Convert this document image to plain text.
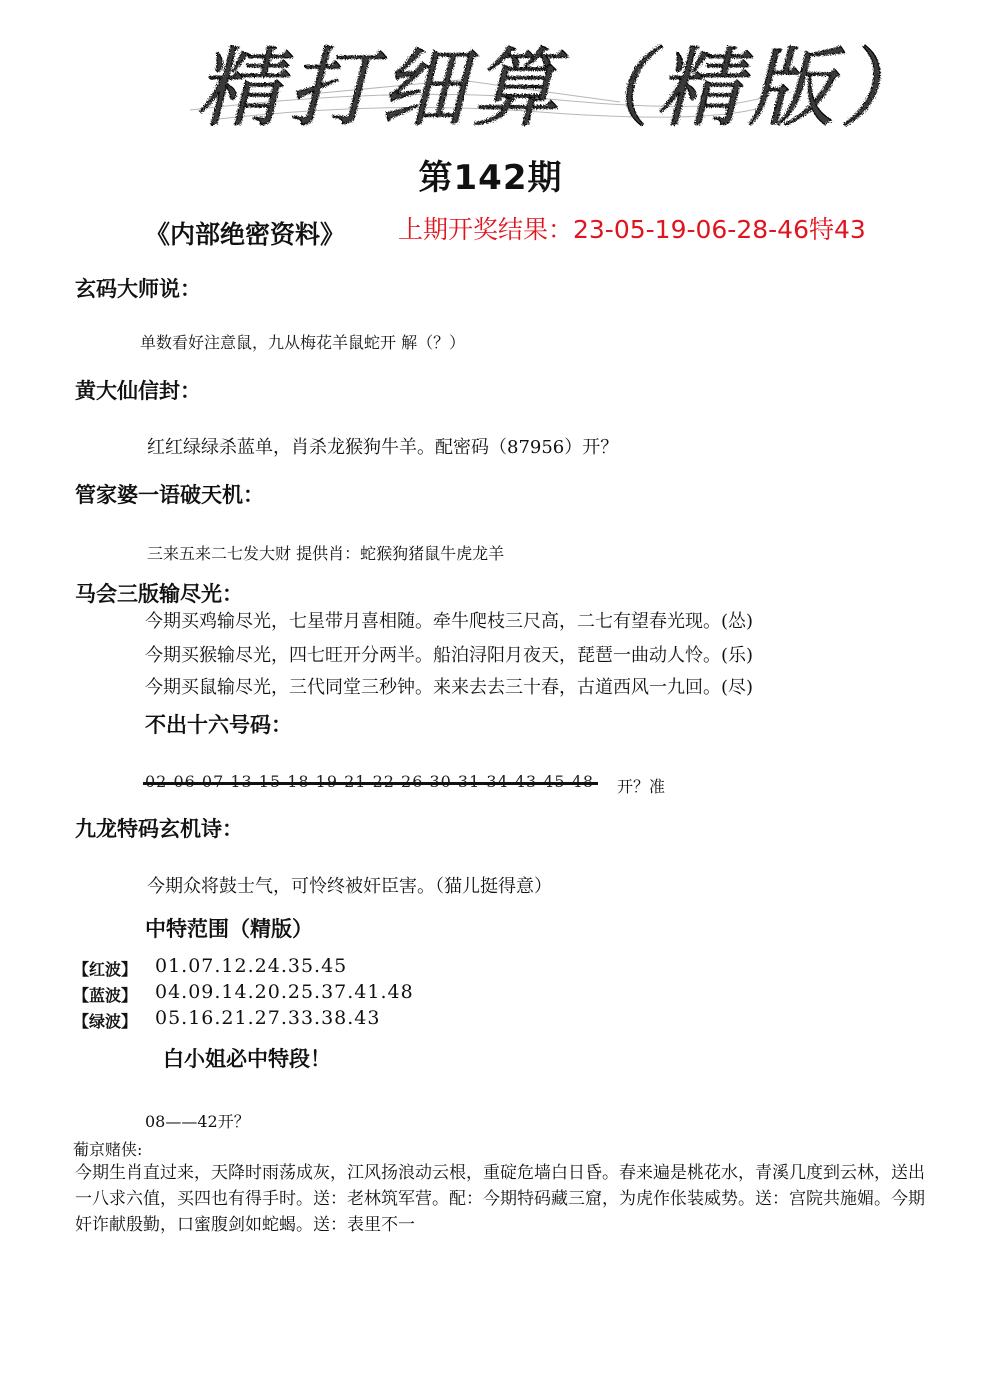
精打细算（精版）
第142期
《内部绝密资料》 上期开奖结果：23-05-19-06-28-46特43
玄码大师说：
单数看好注意鼠，九从梅花羊鼠蛇开 解（？）
黄大仙信封：
红红绿绿杀蓝单，肖杀龙猴狗牛羊。配密码（87956）开？
管家婆一语破天机：
三来五来二七发大财 提供肖：蛇猴狗猪鼠牛虎龙羊
马会三版输尽光：
今期买鸡输尽光，七星带月喜相随。牵牛爬枝三尺高，二七有望春光现。(怂)
今期买猴输尽光，四七旺开分两半。船泊浔阳月夜天，琵琶一曲动人怜。(乐)
今期买鼠输尽光，三代同堂三秒钟。来来去去三十春，古道西风一九回。(尽)
不出十六号码：
开？准
九龙特码玄机诗：
今期众将鼓士气，可怜终被奸臣害。（猫儿挺得意）
中特范围（精版）
【红波】 01.07.12.24.35.45
【蓝波】 04.09.14.20.25.37.41.48
【绿波】 05.16.21.27.33.38.43
白小姐必中特段！
08——42开？
葡京赌侠:
今期生肖直过来，天降时雨荡成灰，江风扬浪动云根，重碇危墙白日昏。春来遍是桃花水，青溪几度到云林，送出一八求六值，买四也有得手时。送：老林筑军营。配：今期特码藏三窟，为虎作伥装威势。送：宫院共施媚。今期奸诈献殷勤，口蜜腹剑如蛇蝎。送：表里不一
